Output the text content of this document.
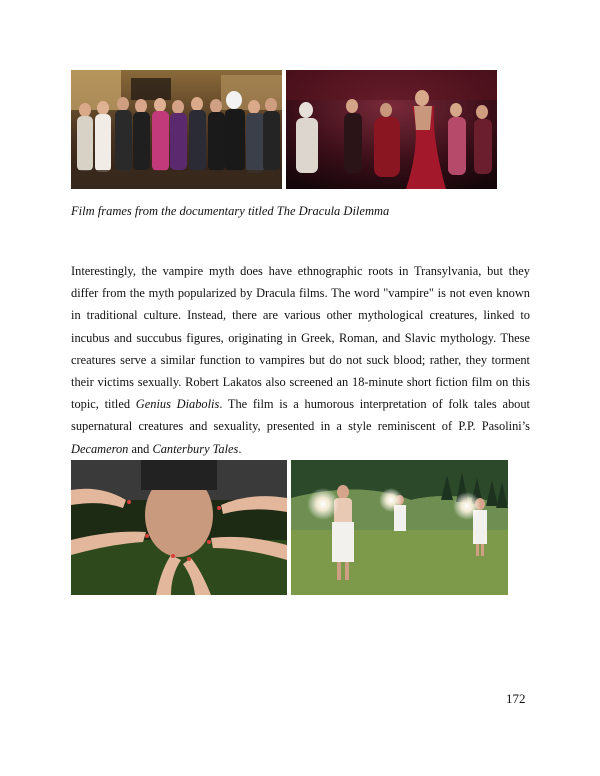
Film frames from the documentary titled The Dracula Dilemma

Interestingly, the vampire myth does have ethnographic roots in Transylvania, but they differ from the myth popularized by Dracula films. The word "vampire" is not even known in traditional culture. Instead, there are various other mythological creatures, linked to incubus and succubus figures, originating in Greek, Roman, and Slavic mythology. These creatures serve a similar function to vampires but do not suck blood; rather, they torment their victims sexually. Robert Lakatos also screened an 18-minute short fiction film on this topic, titled Genius Diabolis. The film is a humorous interpretation of folk tales about supernatural creatures and sexuality, presented in a style reminiscent of P.P. Pasolini’s Decameron and Canterbury Tales.

172
